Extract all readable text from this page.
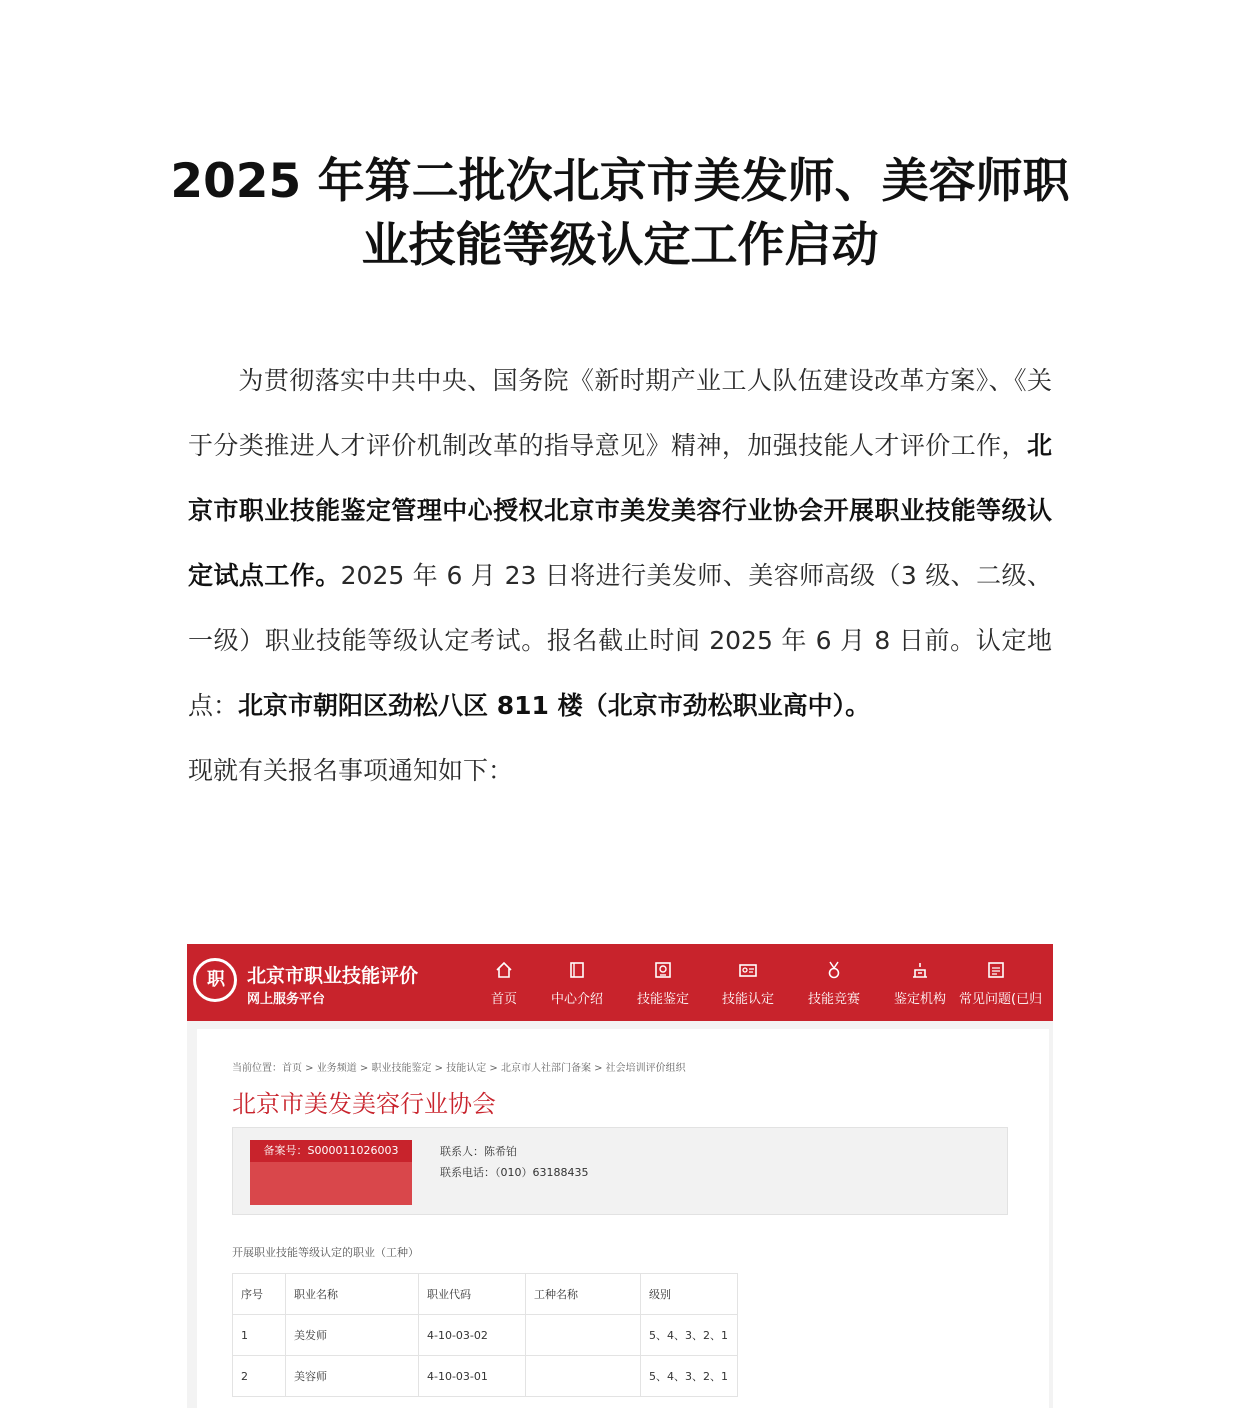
2025 年第二批次北京市美发师、美容师职
业技能等级认定工作启动
为贯彻落实中共中央、国务院《新时期产业工人队伍建设改革方案》、《关于分类推进人才评价机制改革的指导意见》精神，加强技能人才评价工作，北京市职业技能鉴定管理中心授权北京市美发美容行业协会开展职业技能等级认定试点工作。2025 年 6 月 23 日将进行美发师、美容师高级（3 级、二级、一级）职业技能等级认定考试。报名截止时间 2025 年 6 月 8 日前。认定地点：北京市朝阳区劲松八区 811 楼（北京市劲松职业高中）。
现就有关报名事项通知如下：
职	北京市职业技能评价
网上服务平台	首页	中心介绍	技能鉴定	技能认定	技能竞赛	鉴定机构	常见问题(已归
当前位置：首页 > 业务频道 > 职业技能鉴定 > 技能认定 > 北京市人社部门备案 > 社会培训评价组织
北京市美发美容行业协会
备案号：S000011026003	联系人：陈希铂
联系电话：（010）63188435
开展职业技能等级认定的职业（工种）
序号	职业名称	职业代码	工种名称	级别
1	美发师	4-10-03-02		5、4、3、2、1
2	美容师	4-10-03-01		5、4、3、2、1
